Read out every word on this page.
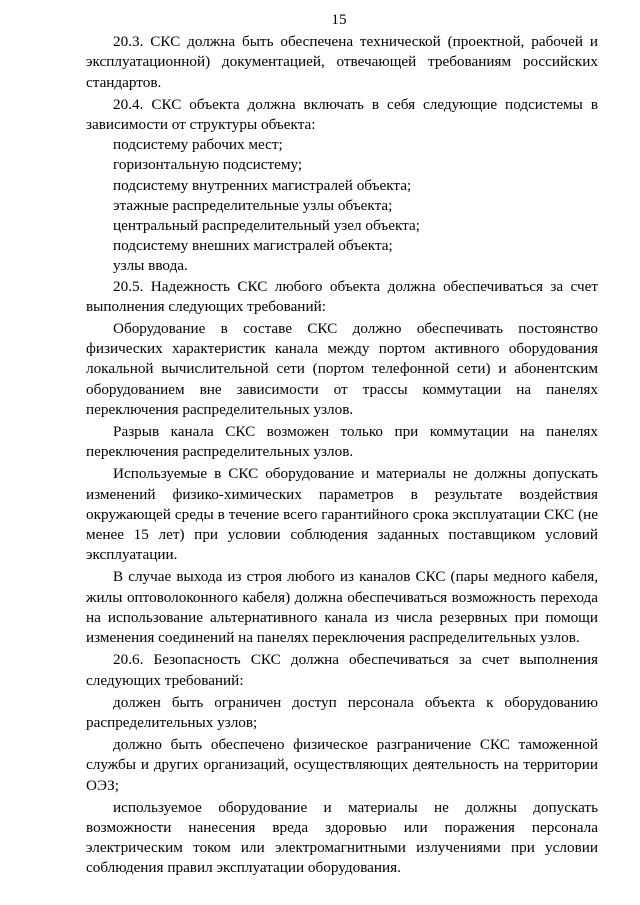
15

20.3. СКС должна быть обеспечена технической (проектной, рабочей и эксплуатационной) документацией, отвечающей требованиям российских стандартов.

20.4. СКС объекта должна включать в себя следующие подсистемы в зависимости от структуры объекта:

подсистему рабочих мест;

горизонтальную подсистему;

подсистему внутренних магистралей объекта;

этажные распределительные узлы объекта;

центральный распределительный узел объекта;

подсистему внешних магистралей объекта;

узлы ввода.

20.5. Надежность СКС любого объекта должна обеспечиваться за счет выполнения следующих требований:

Оборудование в составе СКС должно обеспечивать постоянство физических характеристик канала между портом активного оборудования локальной вычислительной сети (портом телефонной сети) и абонентским оборудованием вне зависимости от трассы коммутации на панелях переключения распределительных узлов.

Разрыв канала СКС возможен только при коммутации на панелях переключения распределительных узлов.

Используемые в СКС оборудование и материалы не должны допускать изменений физико-химических параметров в результате воздействия окружающей среды в течение всего гарантийного срока эксплуатации СКС (не менее 15 лет) при условии соблюдения заданных поставщиком условий эксплуатации.

В случае выхода из строя любого из каналов СКС (пары медного кабеля, жилы оптоволоконного кабеля) должна обеспечиваться возможность перехода на использование альтернативного канала из числа резервных при помощи изменения соединений на панелях переключения распределительных узлов.

20.6. Безопасность СКС должна обеспечиваться за счет выполнения следующих требований:

должен быть ограничен доступ персонала объекта к оборудованию распределительных узлов;

должно быть обеспечено физическое разграничение СКС таможенной службы и других организаций, осуществляющих деятельность на территории ОЭЗ;

используемое оборудование и материалы не должны допускать возможности нанесения вреда здоровью или поражения персонала электрическим током или электромагнитными излучениями при условии соблюдения правил эксплуатации оборудования.
